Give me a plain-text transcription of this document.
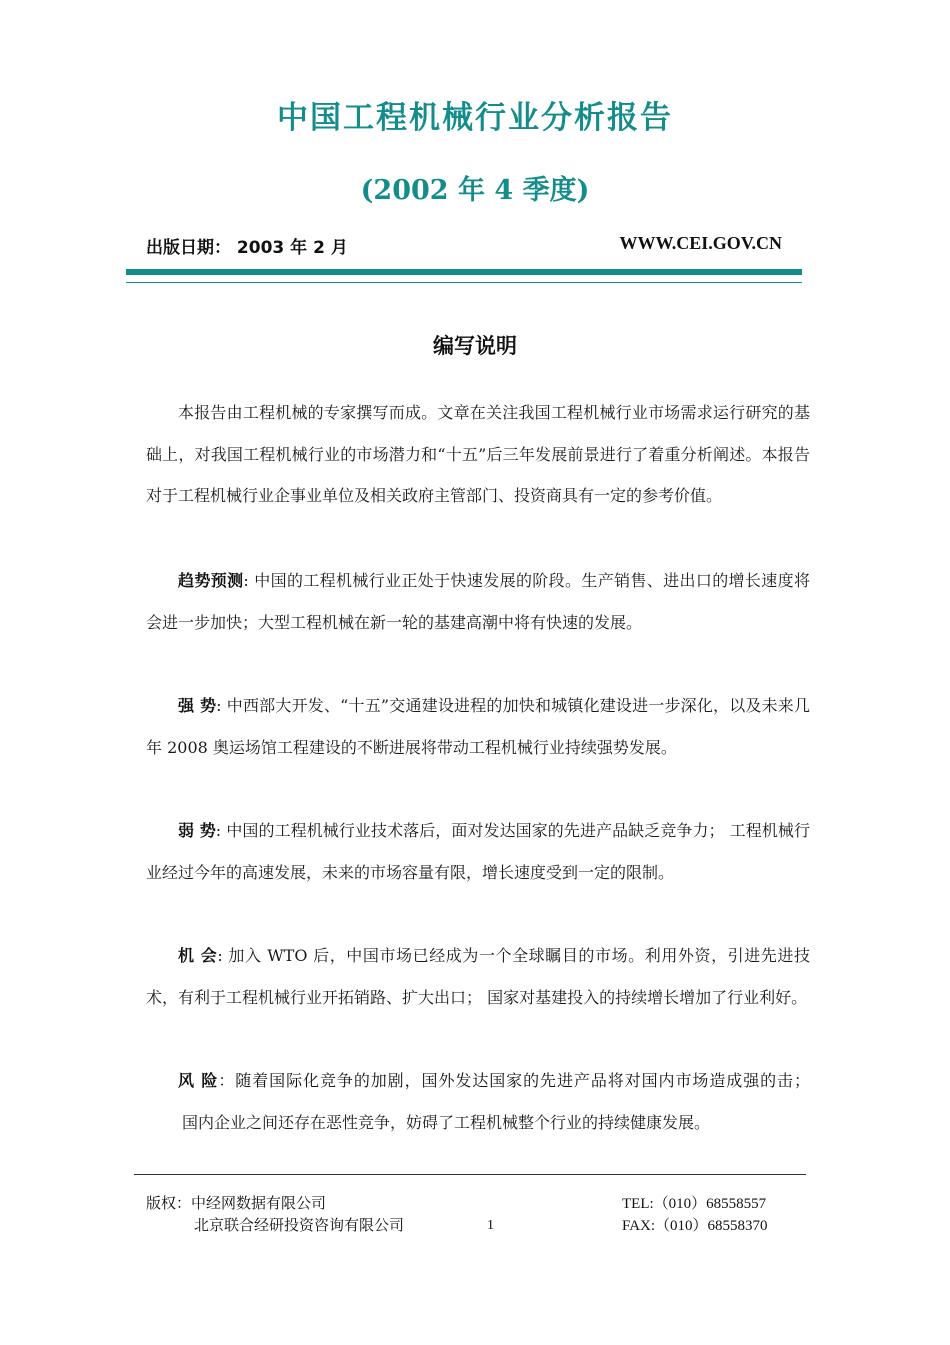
中国工程机械行业分析报告
(2002 年 4 季度)
出版日期： 2003 年 2 月	WWW.CEI.GOV.CN
编写说明
本报告由工程机械的专家撰写而成。文章在关注我国工程机械行业市场需求运行研究的基础上，对我国工程机械行业的市场潜力和“十五”后三年发展前景进行了着重分析阐述。本报告对于工程机械行业企事业单位及相关政府主管部门、投资商具有一定的参考价值。
趋势预测: 中国的工程机械行业正处于快速发展的阶段。生产销售、进出口的增长速度将会进一步加快；大型工程机械在新一轮的基建高潮中将有快速的发展。
强 势: 中西部大开发、“十五”交通建设进程的加快和城镇化建设进一步深化，以及未来几年 2008 奥运场馆工程建设的不断进展将带动工程机械行业持续强势发展。
弱 势: 中国的工程机械行业技术落后，面对发达国家的先进产品缺乏竞争力； 工程机械行业经过今年的高速发展，未来的市场容量有限，增长速度受到一定的限制。
机 会: 加入 WTO 后，中国市场已经成为一个全球瞩目的市场。利用外资，引进先进技术，有利于工程机械行业开拓销路、扩大出口； 国家对基建投入的持续增长增加了行业利好。
风 险：随着国际化竞争的加剧，国外发达国家的先进产品将对国内市场造成强的击；国内企业之间还存在恶性竞争，妨碍了工程机械整个行业的持续健康发展。
版权：中经网数据有限公司
北京联合经研投资咨询有限公司	1
TEL:（010）68558557
FAX:（010）68558370
